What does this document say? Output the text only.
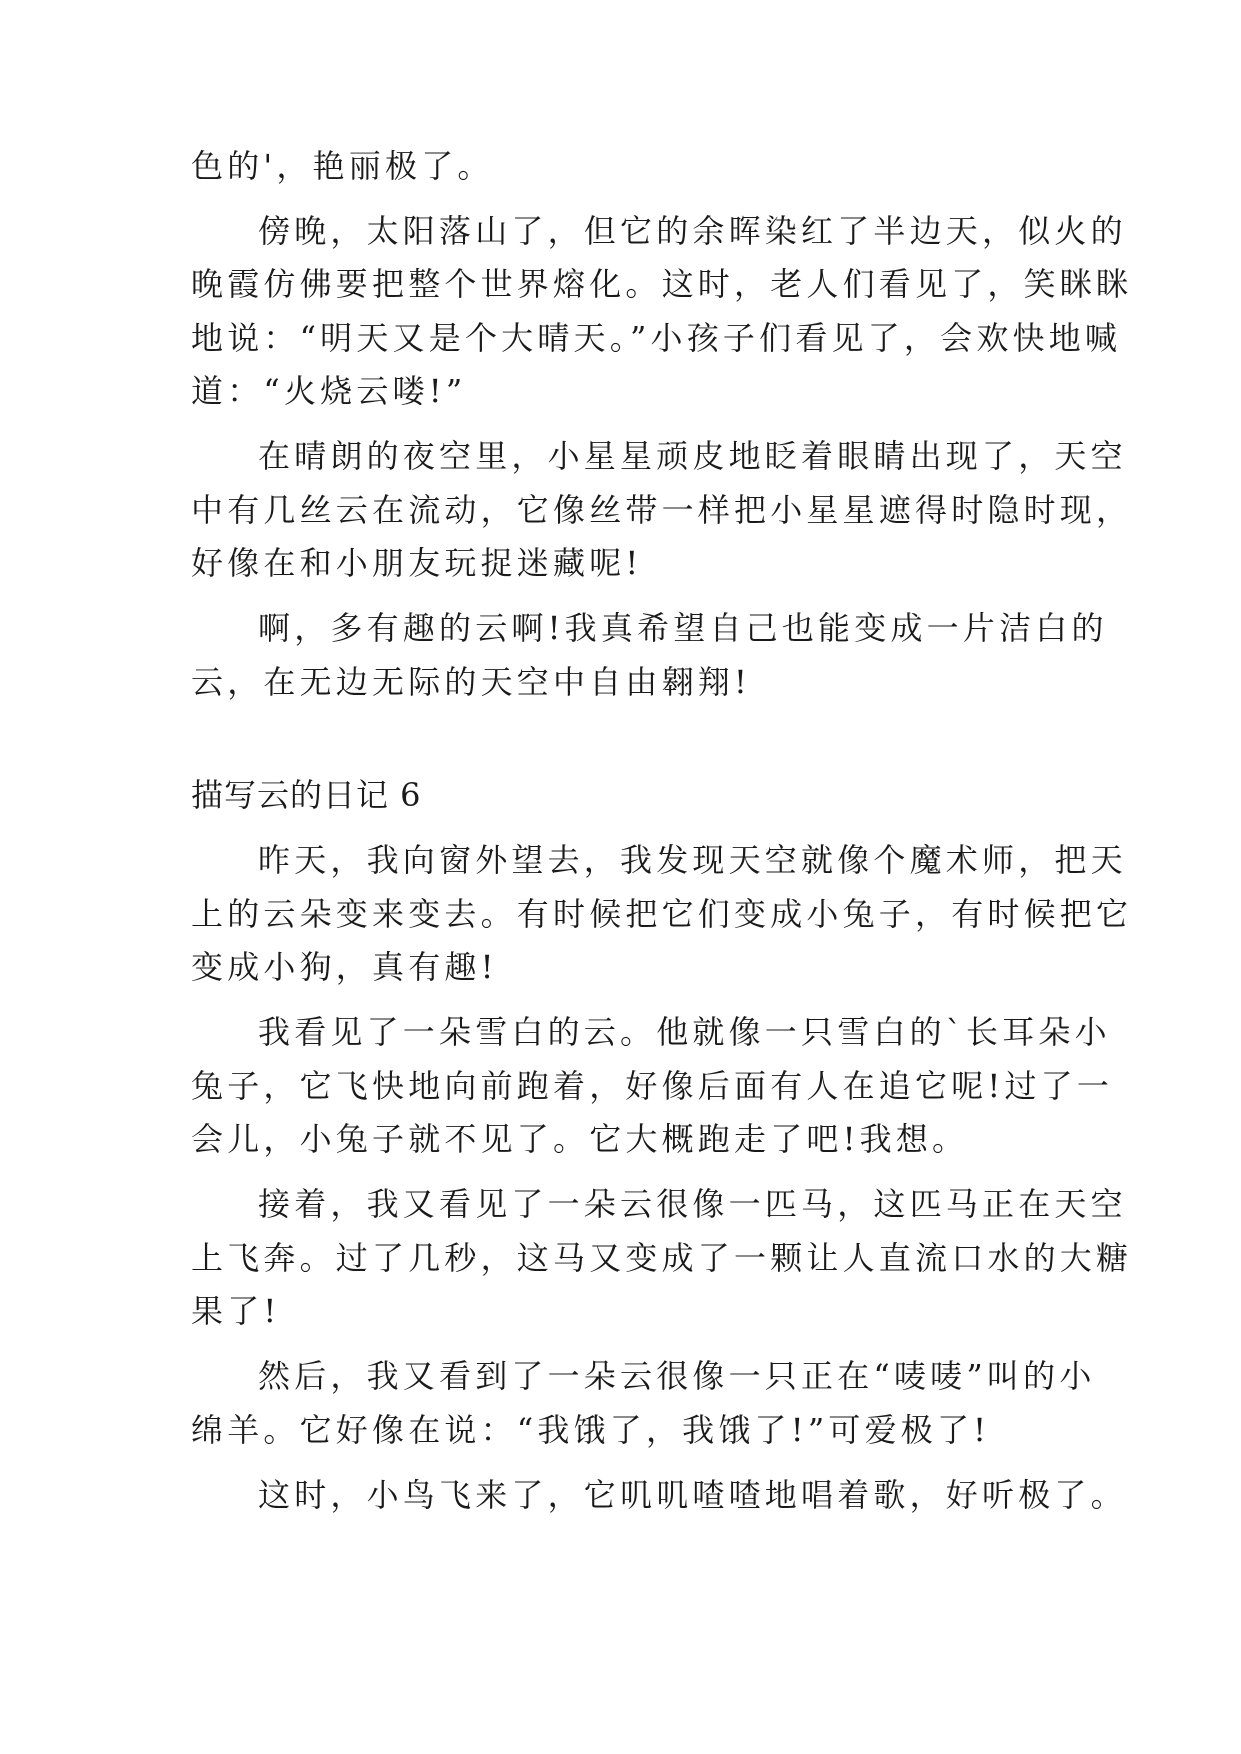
色的'，艳丽极了。
傍晚，太阳落山了，但它的余晖染红了半边天，似火的
晚霞仿佛要把整个世界熔化。这时，老人们看见了，笑眯眯
地说：“明天又是个大晴天。”小孩子们看见了，会欢快地喊
道：“火烧云喽!”
在晴朗的夜空里，小星星顽皮地眨着眼睛出现了，天空
中有几丝云在流动，它像丝带一样把小星星遮得时隐时现，
好像在和小朋友玩捉迷藏呢!
啊，多有趣的云啊!我真希望自己也能变成一片洁白的
云，在无边无际的天空中自由翱翔!
描写云的日记 6
昨天，我向窗外望去，我发现天空就像个魔术师，把天
上的云朵变来变去。有时候把它们变成小兔子，有时候把它
变成小狗，真有趣!
我看见了一朵雪白的云。他就像一只雪白的`长耳朵小
兔子，它飞快地向前跑着，好像后面有人在追它呢!过了一
会儿，小兔子就不见了。它大概跑走了吧!我想。
接着，我又看见了一朵云很像一匹马，这匹马正在天空
上飞奔。过了几秒，这马又变成了一颗让人直流口水的大糖
果了!
然后，我又看到了一朵云很像一只正在“唛唛”叫的小
绵羊。它好像在说：“我饿了，我饿了!”可爱极了!
这时，小鸟飞来了，它叽叽喳喳地唱着歌，好听极了。
